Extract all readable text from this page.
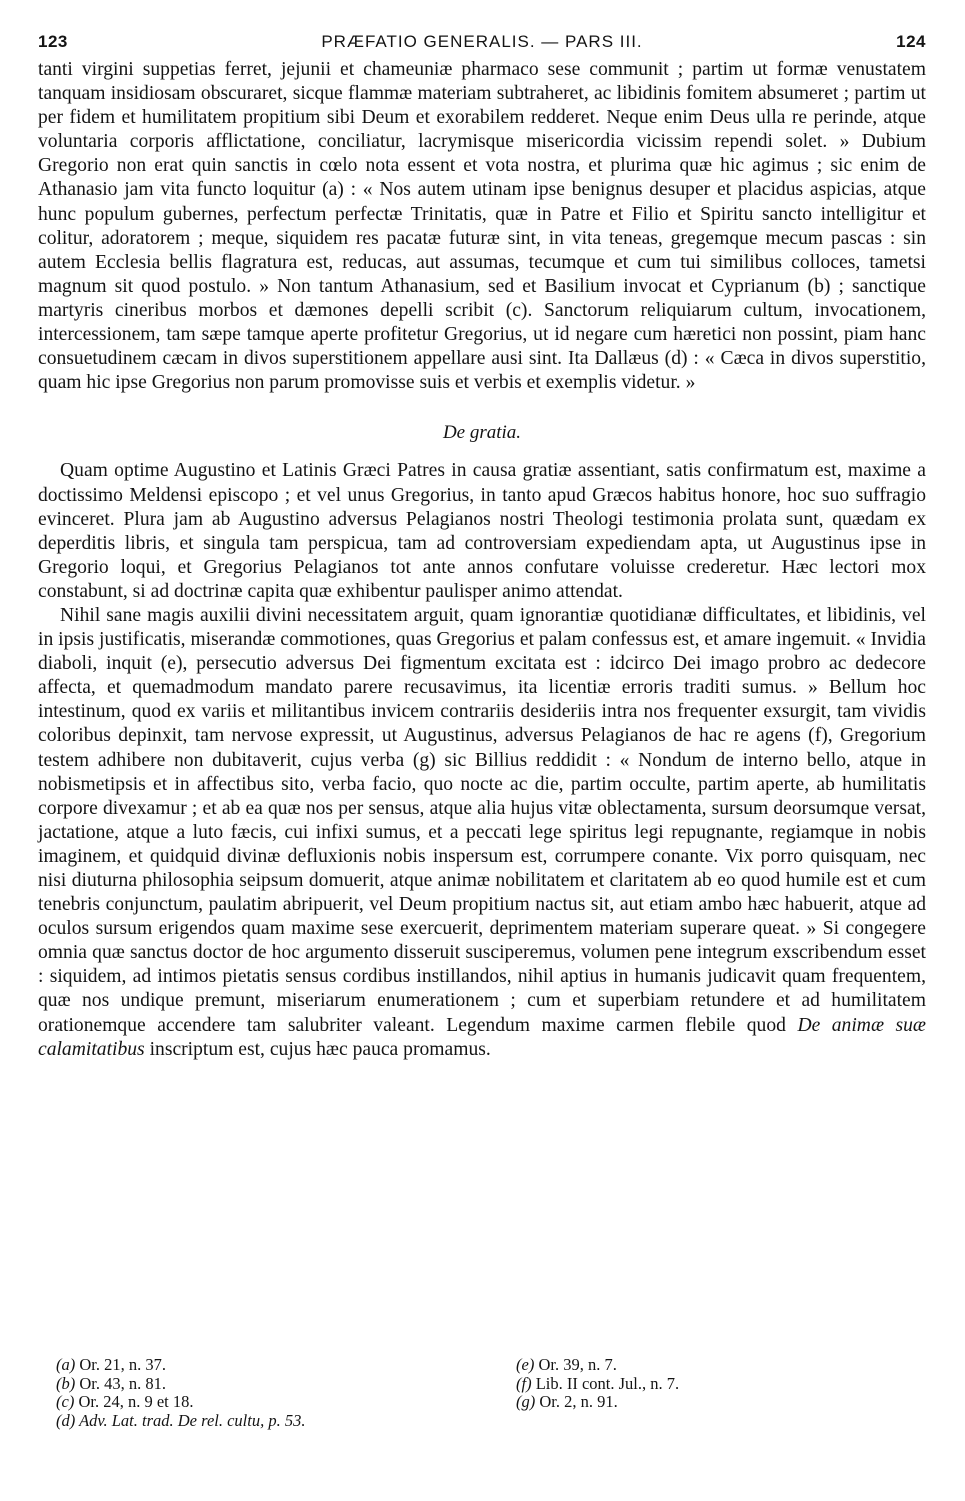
123	PRÆFATIO GENERALIS. — PARS III.	124

tanti virgini suppetias ferret, jejunii et chameuniæ pharmaco sese communit ; partim ut formæ venustatem tanquam insidiosam obscuraret, sicque flammæ materiam subtraheret, ac libidinis fomitem absumeret ; partim ut per fidem et humilitatem propitium sibi Deum et exorabilem redderet. Neque enim Deus ulla re perinde, atque voluntaria corporis afflictatione, conciliatur, lacrymisque misericordia vicissim rependi solet. » Dubium Gregorio non erat quin sanctis in cœlo nota essent et vota nostra, et plurima quæ hic agimus ; sic enim de Athanasio jam vita functo loquitur (a) : « Nos autem utinam ipse benignus desuper et placidus aspicias, atque hunc populum gubernes, perfectum perfectæ Trinitatis, quæ in Patre et Filio et Spiritu sancto intelligitur et colitur, adoratorem ; meque, siquidem res pacatæ futuræ sint, in vita teneas, gregemque mecum pascas : sin autem Ecclesia bellis flagratura est, reducas, aut assumas, tecumque et cum tui similibus colloces, tametsi magnum sit quod postulo. » Non tantum Athanasium, sed et Basilium invocat et Cyprianum (b) ; sanctique martyris cineribus morbos et dæmones depelli scribit (c). Sanctorum reliquiarum cultum, invocationem, intercessionem, tam sæpe tamque aperte profitetur Gregorius, ut id negare cum hæretici non possint, piam hanc consuetudinem cæcam in divos superstitionem appellare ausi sint. Ita Dallæus (d) : « Cæca in divos superstitio, quam hic ipse Gregorius non parum promovisse suis et verbis et exemplis videtur. »

De gratia.

Quam optime Augustino et Latinis Græci Patres in causa gratiæ assentiant, satis confirmatum est, maxime a doctissimo Meldensi episcopo ; et vel unus Gregorius, in tanto apud Græcos habitus honore, hoc suo suffragio evinceret. Plura jam ab Augustino adversus Pelagianos nostri Theologi testimonia prolata sunt, quædam ex deperditis libris, et singula tam perspicua, tam ad controversiam expediendam apta, ut Augustinus ipse in Gregorio loqui, et Gregorius Pelagianos tot ante annos confutare voluisse crederetur. Hæc lectori mox constabunt, si ad doctrinæ capita quæ exhibentur paulisper animo attendat.

Nihil sane magis auxilii divini necessitatem arguit, quam ignorantiæ quotidianæ difficultates, et libidinis, vel in ipsis justificatis, miserandæ commotiones, quas Gregorius et palam confessus est, et amare ingemuit. « Invidia diaboli, inquit (e), persecutio adversus Dei figmentum excitata est : idcirco Dei imago probro ac dedecore affecta, et quemadmodum mandato parere recusavimus, ita licentiæ erroris traditi sumus. » Bellum hoc intestinum, quod ex variis et militantibus invicem contrariis desideriis intra nos frequenter exsurgit, tam vividis coloribus depinxit, tam nervose expressit, ut Augustinus, adversus Pelagianos de hac re agens (f), Gregorium testem adhibere non dubitaverit, cujus verba (g) sic Billius reddidit : « Nondum de interno bello, atque in nobismetipsis et in affectibus sito, verba facio, quo nocte ac die, partim occulte, partim aperte, ab humilitatis corpore divexamur ; et ab ea quæ nos per sensus, atque alia hujus vitæ oblectamenta, sursum deorsumque versat, jactatione, atque a luto fæcis, cui infixi sumus, et a peccati lege spiritus legi repugnante, regiamque in nobis imaginem, et quidquid divinæ defluxionis nobis inspersum est, corrumpere conante. Vix porro quisquam, nec nisi diuturna philosophia seipsum domuerit, atque animæ nobilitatem et claritatem ab eo quod humile est et cum tenebris conjunctum, paulatim abripuerit, vel Deum propitium nactus sit, aut etiam ambo hæc habuerit, atque ad oculos sursum erigendos quam maxime sese exercuerit, deprimentem materiam superare queat. » Si congegere omnia quæ sanctus doctor de hoc argumento disseruit susciperemus, volumen pene integrum exscribendum esset : siquidem, ad intimos pietatis sensus cordibus instillandos, nihil aptius in humanis judicavit quam frequentem, quæ nos undique premunt, miseriarum enumerationem ; cum et superbiam retundere et ad humilitatem orationemque accendere tam salubriter valeant. Legendum maxime carmen flebile quod De animæ suæ calamitatibus inscriptum est, cujus hæc pauca promamus.

(a) Or. 21, n. 37.
(b) Or. 43, n. 81.
(c) Or. 24, n. 9 et 18.
(d) Adv. Lat. trad. De rel. cultu, p. 53.
(e) Or. 39, n. 7.
(f) Lib. II cont. Jul., n. 7.
(g) Or. 2, n. 91.
